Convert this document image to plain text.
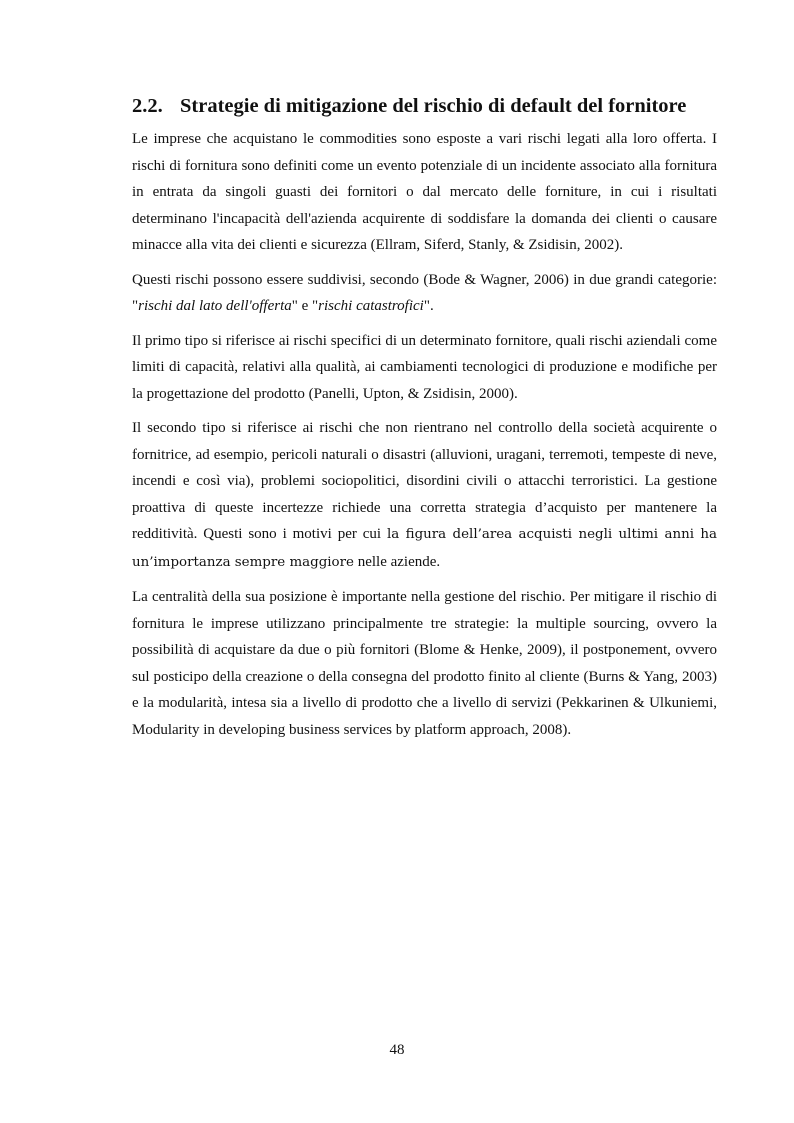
2.2. Strategie di mitigazione del rischio di default del fornitore

Le imprese che acquistano le commodities sono esposte a vari rischi legati alla loro offerta. I rischi di fornitura sono definiti come un evento potenziale di un incidente associato alla fornitura in entrata da singoli guasti dei fornitori o dal mercato delle forniture, in cui i risultati determinano l'incapacità dell'azienda acquirente di soddisfare la domanda dei clienti o causare minacce alla vita dei clienti e sicurezza (Ellram, Siferd, Stanly, & Zsidisin, 2002).

Questi rischi possono essere suddivisi, secondo (Bode & Wagner, 2006) in due grandi categorie: "rischi dal lato dell'offerta" e "rischi catastrofici".

Il primo tipo si riferisce ai rischi specifici di un determinato fornitore, quali rischi aziendali come limiti di capacità, relativi alla qualità, ai cambiamenti tecnologici di produzione e modifiche per la progettazione del prodotto (Panelli, Upton, & Zsidisin, 2000).

Il secondo tipo si riferisce ai rischi che non rientrano nel controllo della società acquirente o fornitrice, ad esempio, pericoli naturali o disastri (alluvioni, uragani, terremoti, tempeste di neve, incendi e così via), problemi sociopolitici, disordini civili o attacchi terroristici. La gestione proattiva di queste incertezze richiede una corretta strategia d’acquisto per mantenere la redditività. Questi sono i motivi per cui la figura dell’area acquisti negli ultimi anni ha un’importanza sempre maggiore nelle aziende.

La centralità della sua posizione è importante nella gestione del rischio. Per mitigare il rischio di fornitura le imprese utilizzano principalmente tre strategie: la multiple sourcing, ovvero la possibilità di acquistare da due o più fornitori (Blome & Henke, 2009), il postponement, ovvero sul posticipo della creazione o della consegna del prodotto finito al cliente (Burns & Yang, 2003) e la modularità, intesa sia a livello di prodotto che a livello di servizi (Pekkarinen & Ulkuniemi, Modularity in developing business services by platform approach, 2008).

48
